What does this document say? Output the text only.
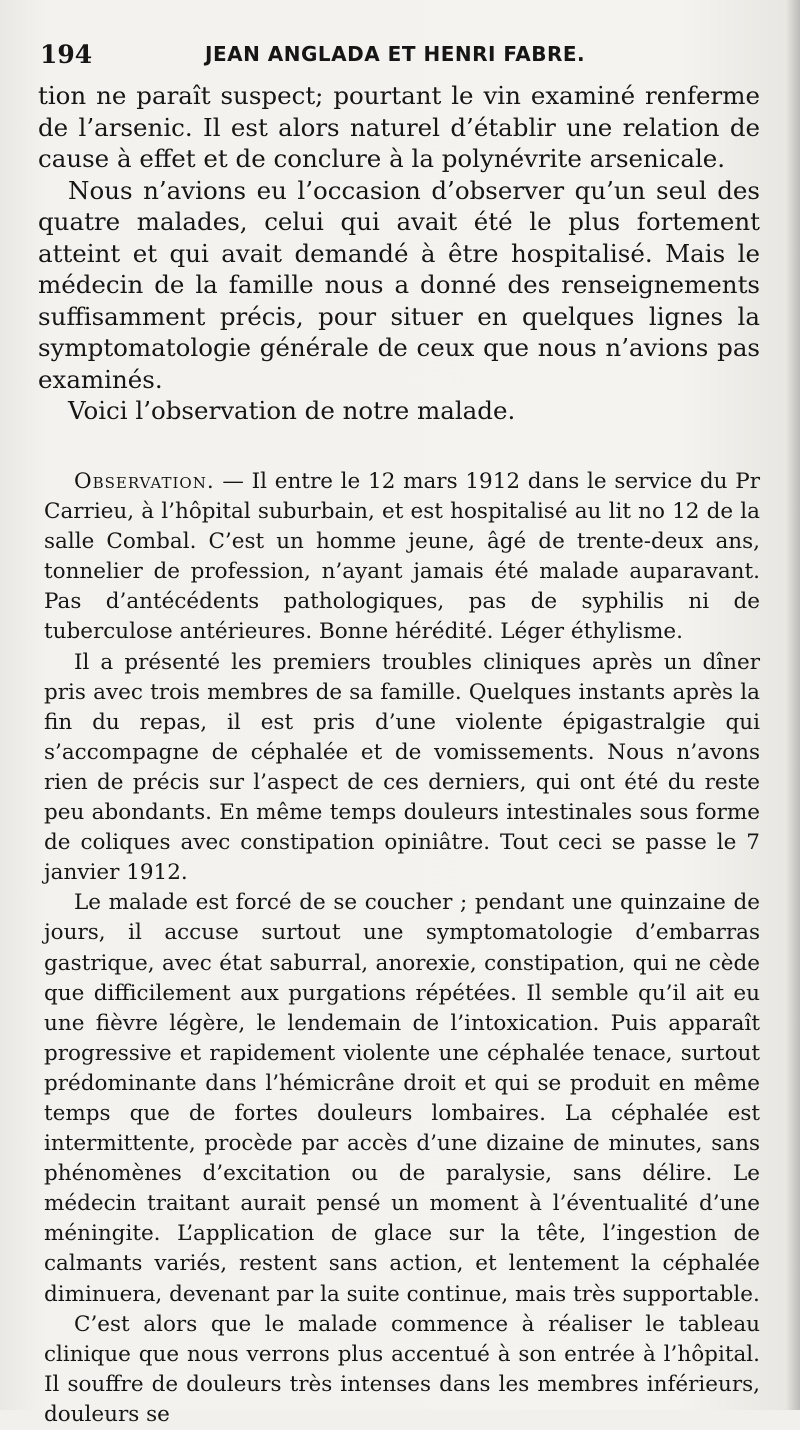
194	JEAN ANGLADA ET HENRI FABRE.

tion ne paraît suspect; pourtant le vin examiné renferme de l’arsenic. Il est alors naturel d’établir une relation de cause à effet et de conclure à la polynévrite arsenicale.

Nous n’avions eu l’occasion d’observer qu’un seul des quatre malades, celui qui avait été le plus fortement atteint et qui avait demandé à être hospitalisé. Mais le médecin de la famille nous a donné des renseignements suffisamment précis, pour situer en quelques lignes la symptomatologie générale de ceux que nous n’avions pas examinés.

Voici l’observation de notre malade.

Observation. — Il entre le 12 mars 1912 dans le service du Pr Carrieu, à l’hôpital suburbain, et est hospitalisé au lit no 12 de la salle Combal. C’est un homme jeune, âgé de trente-deux ans, tonnelier de profession, n’ayant jamais été malade auparavant. Pas d’antécédents pathologiques, pas de syphilis ni de tuberculose antérieures. Bonne hérédité. Léger éthylisme.

Il a présenté les premiers troubles cliniques après un dîner pris avec trois membres de sa famille. Quelques instants après la fin du repas, il est pris d’une violente épigastralgie qui s’accompagne de céphalée et de vomissements. Nous n’avons rien de précis sur l’aspect de ces derniers, qui ont été du reste peu abondants. En même temps douleurs intestinales sous forme de coliques avec constipation opiniâtre. Tout ceci se passe le 7 janvier 1912.

Le malade est forcé de se coucher ; pendant une quinzaine de jours, il accuse surtout une symptomatologie d’embarras gastrique, avec état saburral, anorexie, constipation, qui ne cède que difficilement aux purgations répétées. Il semble qu’il ait eu une fièvre légère, le lendemain de l’intoxication. Puis apparaît progressive et rapidement violente une céphalée tenace, surtout prédominante dans l’hémicrâne droit et qui se produit en même temps que de fortes douleurs lombaires. La céphalée est intermittente, procède par accès d’une dizaine de minutes, sans phénomènes d’excitation ou de paralysie, sans délire. Le médecin traitant aurait pensé un moment à l’éventualité d’une méningite. L’application de glace sur la tête, l’ingestion de calmants variés, restent sans action, et lentement la céphalée diminuera, devenant par la suite continue, mais très supportable.

C’est alors que le malade commence à réaliser le tableau clinique que nous verrons plus accentué à son entrée à l’hôpital. Il souffre de douleurs très intenses dans les membres inférieurs, douleurs se
